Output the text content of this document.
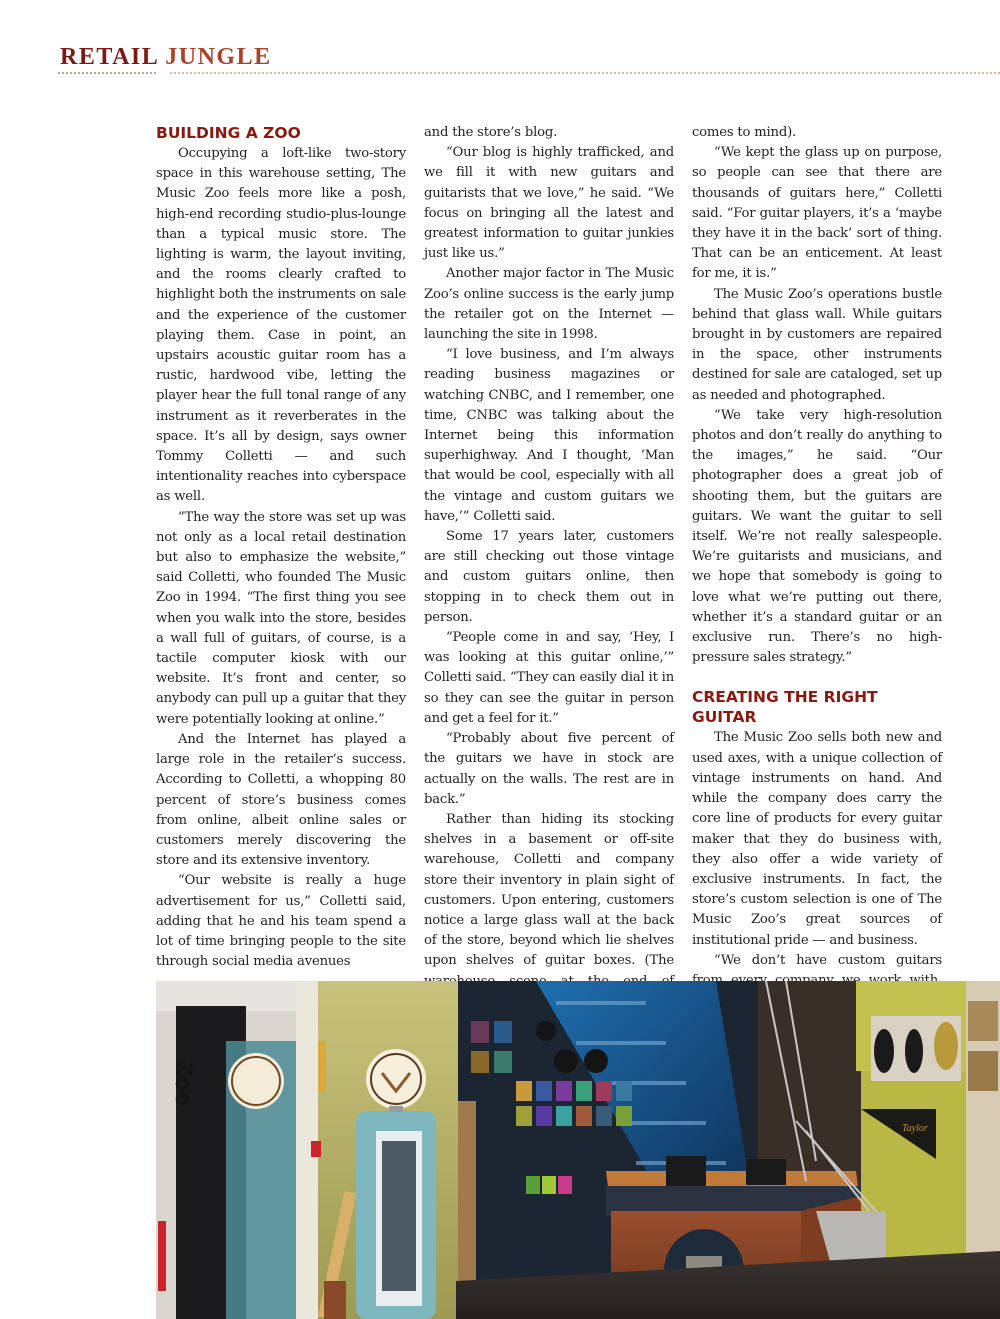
RETAIL JUNGLE
BUILDING A ZOO

Occupying a loft-like two-story space in this warehouse setting, The Music Zoo feels more like a posh, high-end recording studio-plus-lounge than a typical music store. The lighting is warm, the layout inviting, and the rooms clearly crafted to highlight both the instruments on sale and the experience of the customer playing them. Case in point, an upstairs acoustic guitar room has a rustic, hardwood vibe, letting the player hear the full tonal range of any instrument as it reverberates in the space. It’s all by design, says owner Tommy Colletti — and such intentionality reaches into cyberspace as well.

“The way the store was set up was not only as a local retail destination but also to emphasize the website,” said Colletti, who founded The Music Zoo in 1994. “The first thing you see when you walk into the store, besides a wall full of guitars, of course, is a tactile computer kiosk with our website. It’s front and center, so anybody can pull up a guitar that they were potentially looking at online.”

And the Internet has played a large role in the retailer’s success. According to Colletti, a whopping 80 percent of store’s business comes from online, albeit online sales or customers merely discovering the store and its extensive inventory.

“Our website is really a huge advertisement for us,” Colletti said, adding that he and his team spend a lot of time bringing people to the site through social media avenues

and the store’s blog.

“Our blog is highly trafficked, and we fill it with new guitars and guitarists that we love,” he said. “We focus on bringing all the latest and greatest information to guitar junkies just like us.”

Another major factor in The Music Zoo’s online success is the early jump the retailer got on the Internet — launching the site in 1998.

“I love business, and I’m always reading business magazines or watching CNBC, and I remember, one time, CNBC was talking about the Internet being this information superhighway. And I thought, ‘Man that would be cool, especially with all the vintage and custom guitars we have,’” Colletti said.

Some 17 years later, customers are still checking out those vintage and custom guitars online, then stopping in to check them out in person.

“People come in and say, ‘Hey, I was looking at this guitar online,’” Colletti said. “They can easily dial it in so they can see the guitar in person and get a feel for it.”

“Probably about five percent of the guitars we have in stock are actually on the walls. The rest are in back.”

Rather than hiding its stocking shelves in a basement or off-site warehouse, Colletti and company store their inventory in plain sight of customers. Upon entering, customers notice a large glass wall at the back of the store, beyond which lie shelves upon shelves of guitar boxes. (The

comes to mind).

“We kept the glass up on purpose, so people can see that there are thousands of guitars here,” Colletti said. “For guitar players, it’s a ‘maybe they have it in the back’ sort of thing. That can be an enticement. At least for me, it is.”

The Music Zoo’s operations bustle behind that glass wall. While guitars brought in by customers are repaired in the space, other instruments destined for sale are cataloged, set up as needed and photographed.

“We take very high-resolution photos and don’t really do anything to the images,” he said. “Our photographer does a great job of shooting them, but the guitars are guitars. We want the guitar to sell itself. We’re not really salespeople. We’re guitarists and musicians, and we hope that somebody is going to love what we’re putting out there, whether it’s a standard guitar or an exclusive run. There’s no high-pressure sales strategy.”

CREATING THE RIGHT GUITAR

The Music Zoo sells both new and used axes, with a unique collection of vintage instruments on hand. And while the company does carry the core line of products for every guitar maker that they do business with, they also offer a wide variety of exclusive instruments. In fact, the store’s custom selection is one of The Music Zoo’s great sources of institutional pride — and business.

“We don’t have custom guitars

Zoo
Taylor
